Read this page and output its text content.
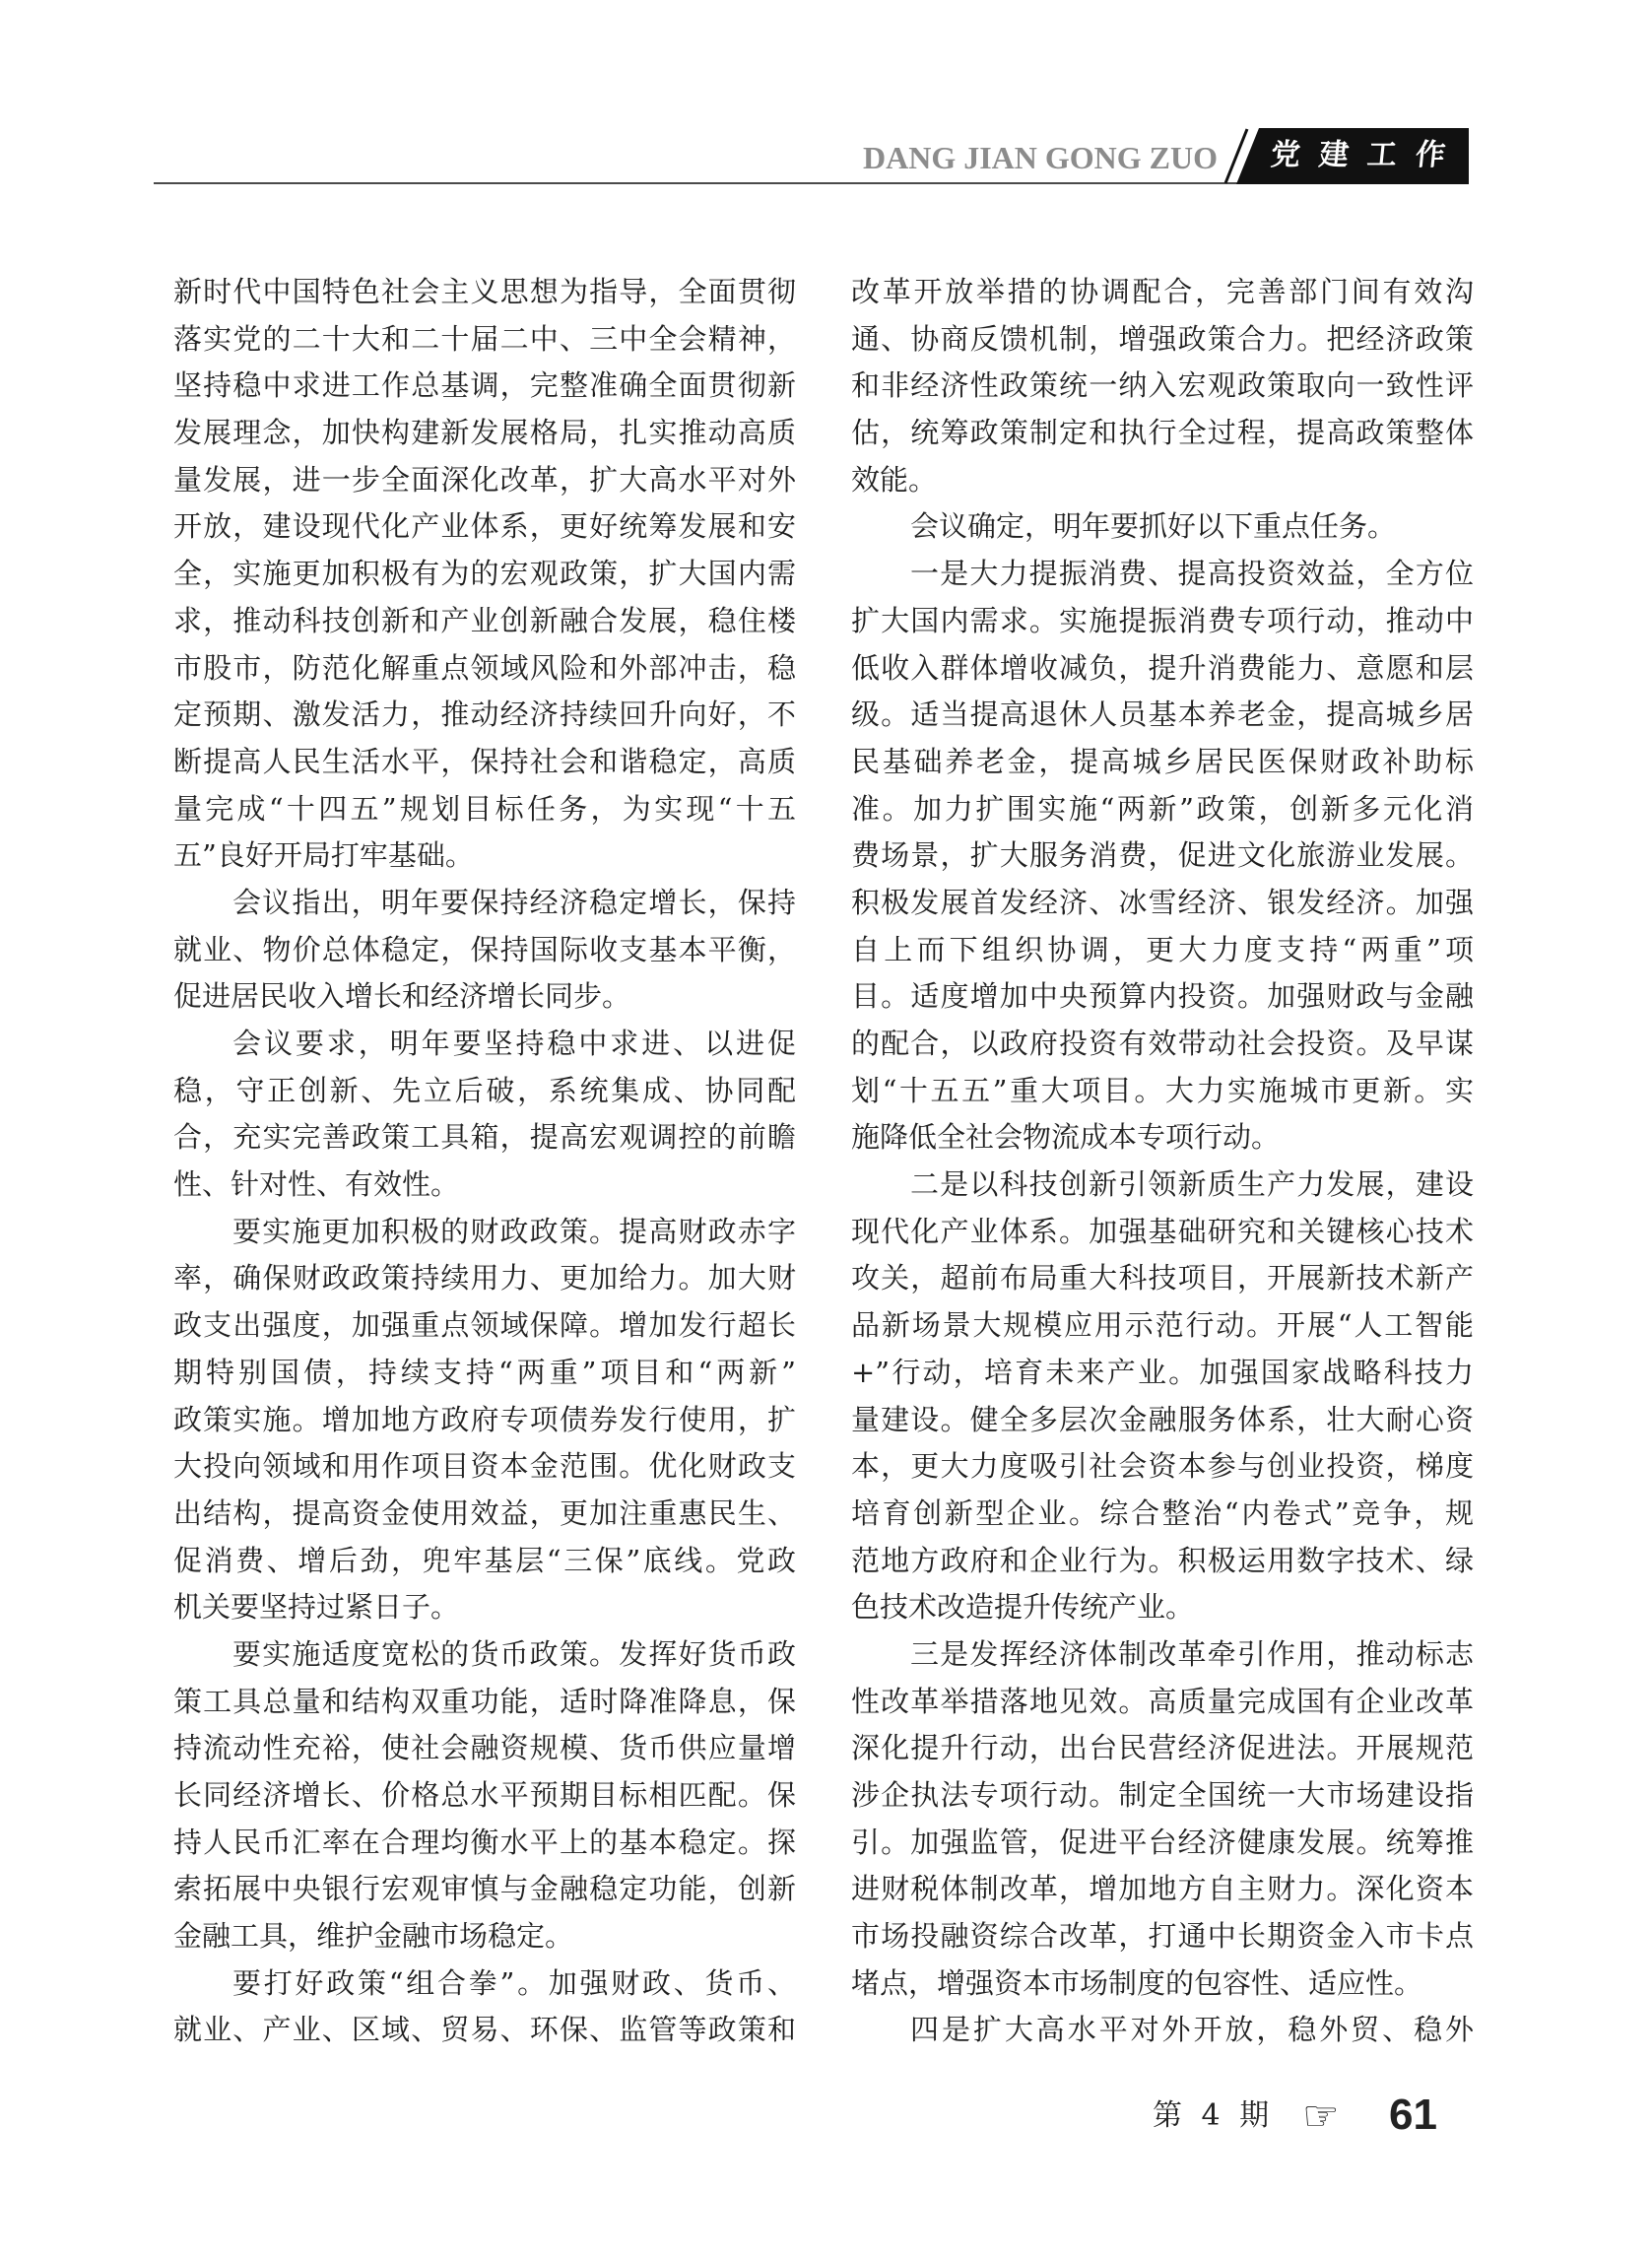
DANG JIAN GONG ZUO 党建工作
新时代中国特色社会主义思想为指导，全面贯彻
落实党的二十大和二十届二中、三中全会精神，
坚持稳中求进工作总基调，完整准确全面贯彻新
发展理念，加快构建新发展格局，扎实推动高质
量发展，进一步全面深化改革，扩大高水平对外
开放，建设现代化产业体系，更好统筹发展和安
全，实施更加积极有为的宏观政策，扩大国内需
求，推动科技创新和产业创新融合发展，稳住楼
市股市，防范化解重点领域风险和外部冲击，稳
定预期、激发活力，推动经济持续回升向好，不
断提高人民生活水平，保持社会和谐稳定，高质
量完成“十四五”规划目标任务，为实现“十五
五”良好开局打牢基础。
会议指出，明年要保持经济稳定增长，保持
就业、物价总体稳定，保持国际收支基本平衡，
促进居民收入增长和经济增长同步。
会议要求，明年要坚持稳中求进、以进促
稳，守正创新、先立后破，系统集成、协同配
合，充实完善政策工具箱，提高宏观调控的前瞻
性、针对性、有效性。
要实施更加积极的财政政策。提高财政赤字
率，确保财政政策持续用力、更加给力。加大财
政支出强度，加强重点领域保障。增加发行超长
期特别国债，持续支持“两重”项目和“两新”
政策实施。增加地方政府专项债券发行使用，扩
大投向领域和用作项目资本金范围。优化财政支
出结构，提高资金使用效益，更加注重惠民生、
促消费、增后劲，兜牢基层“三保”底线。党政
机关要坚持过紧日子。
要实施适度宽松的货币政策。发挥好货币政
策工具总量和结构双重功能，适时降准降息，保
持流动性充裕，使社会融资规模、货币供应量增
长同经济增长、价格总水平预期目标相匹配。保
持人民币汇率在合理均衡水平上的基本稳定。探
索拓展中央银行宏观审慎与金融稳定功能，创新
金融工具，维护金融市场稳定。
要打好政策“组合拳”。加强财政、货币、
就业、产业、区域、贸易、环保、监管等政策和
改革开放举措的协调配合，完善部门间有效沟
通、协商反馈机制，增强政策合力。把经济政策
和非经济性政策统一纳入宏观政策取向一致性评
估，统筹政策制定和执行全过程，提高政策整体
效能。
会议确定，明年要抓好以下重点任务。
一是大力提振消费、提高投资效益，全方位
扩大国内需求。实施提振消费专项行动，推动中
低收入群体增收减负，提升消费能力、意愿和层
级。适当提高退休人员基本养老金，提高城乡居
民基础养老金，提高城乡居民医保财政补助标
准。加力扩围实施“两新”政策，创新多元化消
费场景，扩大服务消费，促进文化旅游业发展。
积极发展首发经济、冰雪经济、银发经济。加强
自上而下组织协调，更大力度支持“两重”项
目。适度增加中央预算内投资。加强财政与金融
的配合，以政府投资有效带动社会投资。及早谋
划“十五五”重大项目。大力实施城市更新。实
施降低全社会物流成本专项行动。
二是以科技创新引领新质生产力发展，建设
现代化产业体系。加强基础研究和关键核心技术
攻关，超前布局重大科技项目，开展新技术新产
品新场景大规模应用示范行动。开展“人工智能
+”行动，培育未来产业。加强国家战略科技力
量建设。健全多层次金融服务体系，壮大耐心资
本，更大力度吸引社会资本参与创业投资，梯度
培育创新型企业。综合整治“内卷式”竞争，规
范地方政府和企业行为。积极运用数字技术、绿
色技术改造提升传统产业。
三是发挥经济体制改革牵引作用，推动标志
性改革举措落地见效。高质量完成国有企业改革
深化提升行动，出台民营经济促进法。开展规范
涉企执法专项行动。制定全国统一大市场建设指
引。加强监管，促进平台经济健康发展。统筹推
进财税体制改革，增加地方自主财力。深化资本
市场投融资综合改革，打通中长期资金入市卡点
堵点，增强资本市场制度的包容性、适应性。
四是扩大高水平对外开放，稳外贸、稳外
第 4 期
☞	61
